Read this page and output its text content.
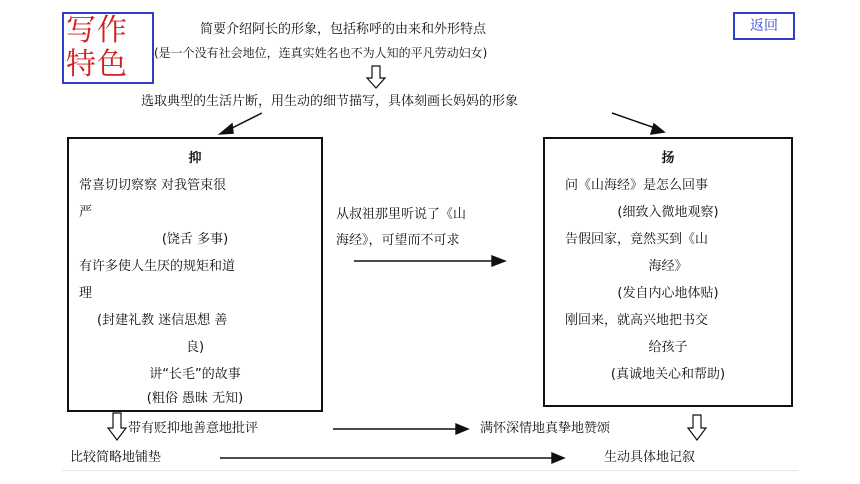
写作
特色
返回
简要介绍阿长的形象，包括称呼的由来和外形特点
(是一个没有社会地位，连真实姓名也不为人知的平凡劳动妇女)
选取典型的生活片断，用生动的细节描写，具体刻画长妈妈的形象
抑
常喜切切察察 对我管束很
严
(饶舌 多事)
有许多使人生厌的规矩和道
理
(封建礼教 迷信思想 善
良)
讲“长毛”的故事
(粗俗 愚昧 无知)
从叔祖那里听说了《山
海经》，可望而不可求
扬
问《山海经》是怎么回事
(细致入微地观察)
告假回家，竟然买到《山
海经》
(发自内心地体贴)
刚回来，就高兴地把书交
给孩子
(真诚地关心和帮助)
带有贬抑地善意地批评	满怀深情地真挚地赞颂
比较简略地铺垫	生动具体地记叙
